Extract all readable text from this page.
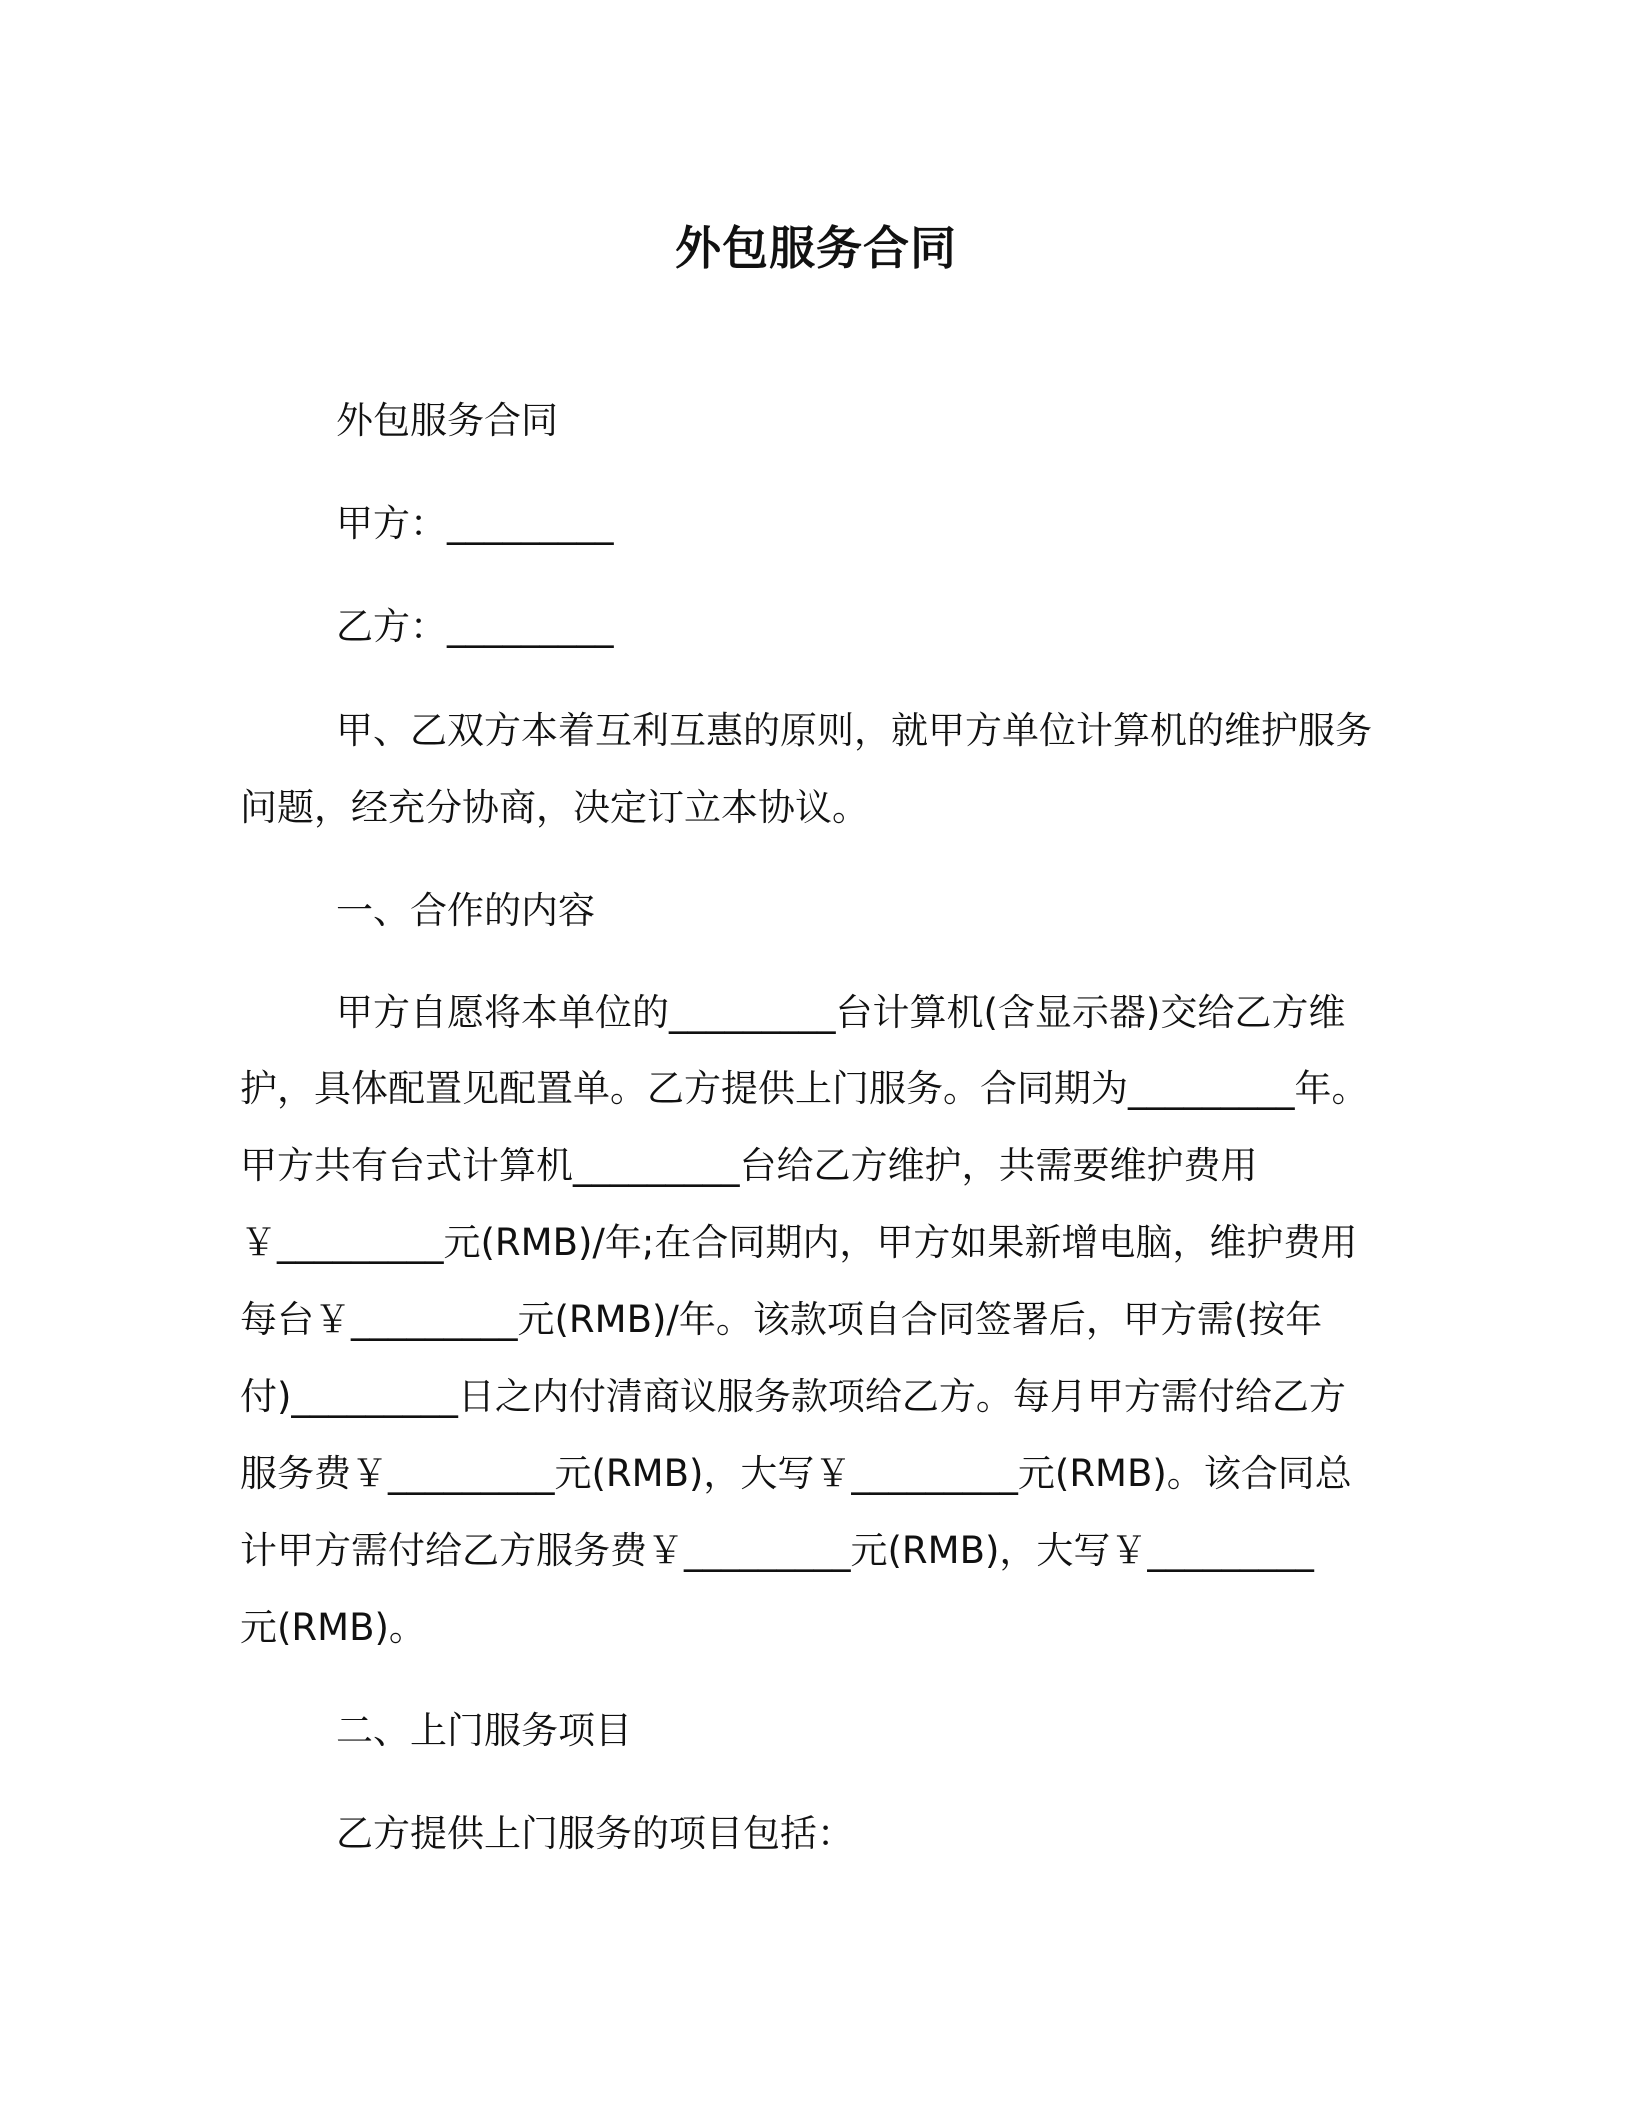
外包服务合同
外包服务合同
甲方：_________
乙方：_________
甲、乙双方本着互利互惠的原则，就甲方单位计算机的维护服务
问题，经充分协商，决定订立本协议。
一、合作的内容
甲方自愿将本单位的_________台计算机(含显示器)交给乙方维
护，具体配置见配置单。乙方提供上门服务。合同期为_________年。
甲方共有台式计算机_________台给乙方维护，共需要维护费用
￥_________元(RMB)/年;在合同期内，甲方如果新增电脑，维护费用
每台￥_________元(RMB)/年。该款项自合同签署后，甲方需(按年
付)_________日之内付清商议服务款项给乙方。每月甲方需付给乙方
服务费￥_________元(RMB)，大写￥_________元(RMB)。该合同总
计甲方需付给乙方服务费￥_________元(RMB)，大写￥_________
元(RMB)。
二、上门服务项目
乙方提供上门服务的项目包括：
